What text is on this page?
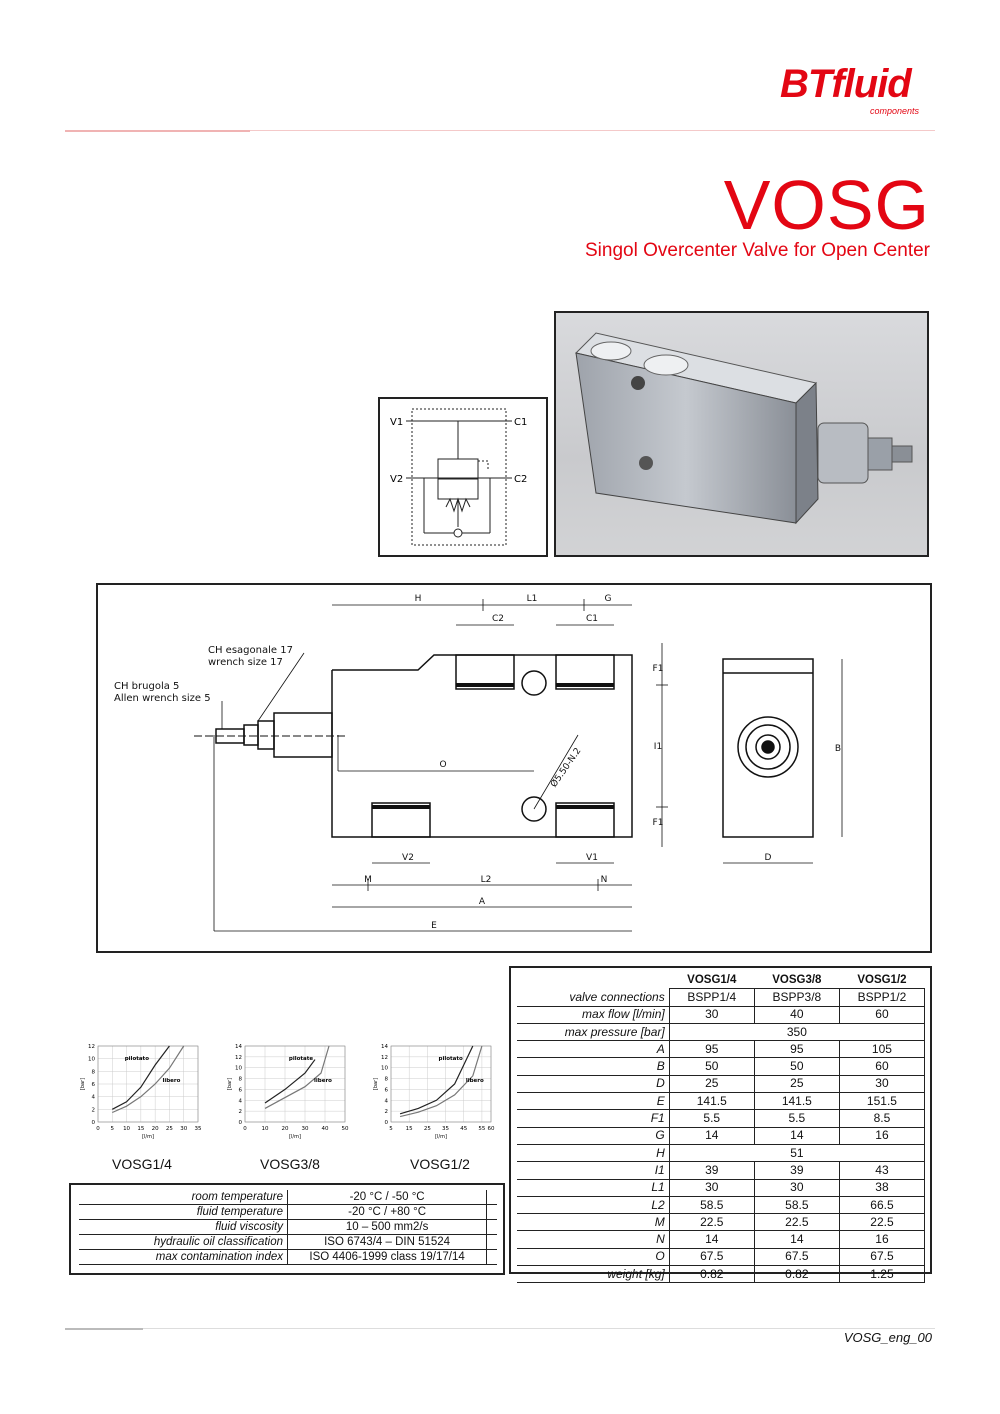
BTfluid
components
VOSG
Singol Overcenter Valve for Open Center
V1
V2
C1
C2
H	L1	G
C2	C1
O
V2	V1
M	L2	N
A
E
D
B
F1
I1
F1
Ø5.50-N.2
CH esagonale 17
wrench size 17
CH brugola 5
Allen wrench size 5
	VOSG1/4	VOSG3/8	VOSG1/2
valve connections	BSPP1/4	BSPP3/8	BSPP1/2
max flow [l/min]	30	40	60
max pressure [bar]	350		
A	95	95	105
B	50	50	60
D	25	25	30
E	141.5	141.5	151.5
F1	5.5	5.5	8.5
G	14	14	16
H	51		
I1	39	39	43
L1	30	30	38
L2	58.5	58.5	66.5
M	22.5	22.5	22.5
N	14	14	16
O	67.5	67.5	67.5
weight [kg]	0.82	0.82	1.25
0
2
4
6
8
10
12
0 5 10 15 20 25 30 35
[l/m]
[bar]
pilotato
libero
0
2
4
6
8
10
12
14
0	10 20 30 40 50
[l/m]
[bar]
pilotate
libero
0
2
4
6
8
10
12
14
5 15 25 35 45 55 60
[l/m]
[bar]
pilotato
libero
VOSG1/4	VOSG3/8	VOSG1/2
room temperature	-20 °C / -50 °C	
fluid temperature	-20 °C / +80 °C	
fluid viscosity	10 – 500 mm2/s	
hydraulic oil classification	ISO 6743/4 – DIN 51524	
max contamination index	ISO 4406-1999 class 19/17/14	
VOSG_eng_00
